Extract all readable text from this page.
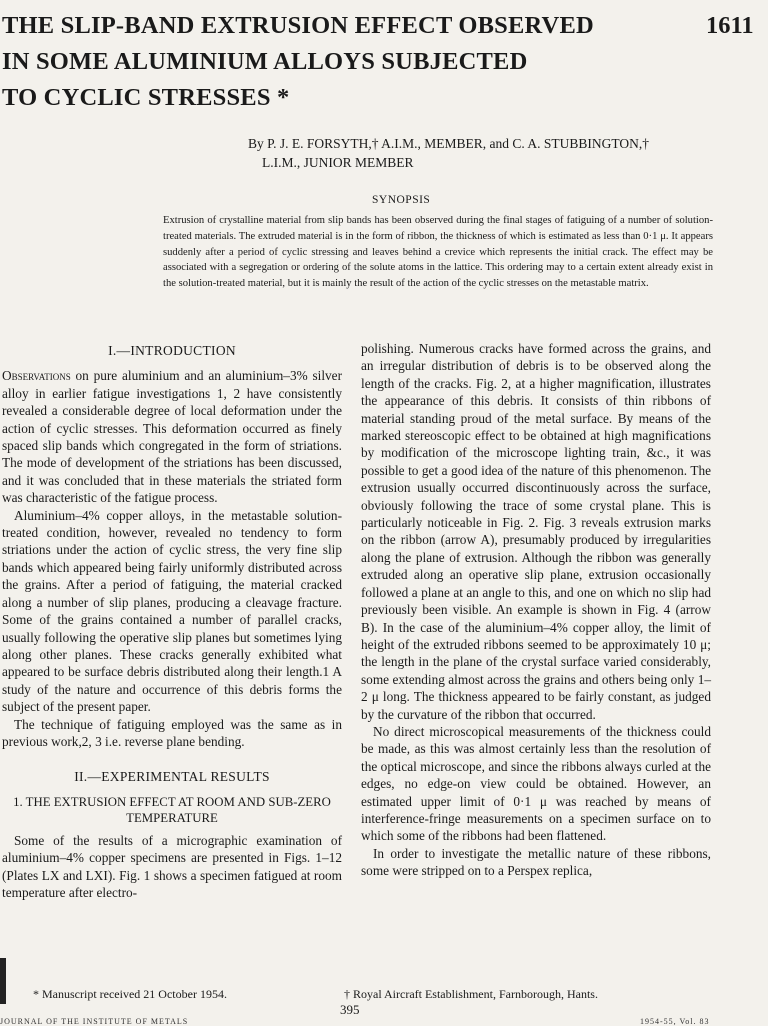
THE SLIP-BAND EXTRUSION EFFECT OBSERVED
IN SOME ALUMINIUM ALLOYS SUBJECTED
TO CYCLIC STRESSES *
1611

By P. J. E. FORSYTH,† A.I.M., MEMBER, and C. A. STUBBINGTON,†

L.I.M., JUNIOR MEMBER

SYNOPSIS

Extrusion of crystalline material from slip bands has been observed during the final stages of fatiguing of a number of solution-treated materials. The extruded material is in the form of ribbon, the thickness of which is estimated as less than 0·1 μ. It appears suddenly after a period of cyclic stressing and leaves behind a crevice which represents the initial crack. The effect may be associated with a segregation or ordering of the solute atoms in the lattice. This ordering may to a certain extent already exist in the solution-treated material, but it is mainly the result of the action of the cyclic stresses on the metastable matrix.

I.—INTRODUCTION

Observations on pure aluminium and an aluminium–3% silver alloy in earlier fatigue investigations 1, 2 have consistently revealed a considerable degree of local deformation under the action of cyclic stresses. This deformation occurred as finely spaced slip bands which congregated in the form of striations. The mode of development of the striations has been discussed, and it was concluded that in these materials the striated form was characteristic of the fatigue process.

Aluminium–4% copper alloys, in the metastable solution-treated condition, however, revealed no tendency to form striations under the action of cyclic stress, the very fine slip bands which appeared being fairly uniformly distributed across the grains. After a period of fatiguing, the material cracked along a number of slip planes, producing a cleavage fracture. Some of the grains contained a number of parallel cracks, usually following the operative slip planes but sometimes lying along other planes. These cracks generally exhibited what appeared to be surface debris distributed along their length.1 A study of the nature and occurrence of this debris forms the subject of the present paper.

The technique of fatiguing employed was the same as in previous work,2, 3 i.e. reverse plane bending.

II.—EXPERIMENTAL RESULTS

1. THE EXTRUSION EFFECT AT ROOM AND SUB-ZERO TEMPERATURE

Some of the results of a micrographic examination of aluminium–4% copper specimens are presented in Figs. 1–12 (Plates LX and LXI). Fig. 1 shows a specimen fatigued at room temperature after electro-

polishing. Numerous cracks have formed across the grains, and an irregular distribution of debris is to be observed along the length of the cracks. Fig. 2, at a higher magnification, illustrates the appearance of this debris. It consists of thin ribbons of material standing proud of the metal surface. By means of the marked stereoscopic effect to be obtained at high magnifications by modification of the microscope lighting train, &c., it was possible to get a good idea of the nature of this phenomenon. The extrusion usually occurred discontinuously across the surface, obviously following the trace of some crystal plane. This is particularly noticeable in Fig. 2. Fig. 3 reveals extrusion marks on the ribbon (arrow A), presumably produced by irregularities along the plane of extrusion. Although the ribbon was generally extruded along an operative slip plane, extrusion occasionally followed a plane at an angle to this, and one on which no slip had previously been visible. An example is shown in Fig. 4 (arrow B). In the case of the aluminium–4% copper alloy, the limit of height of the extruded ribbons seemed to be approximately 10 μ; the length in the plane of the crystal surface varied considerably, some extending almost across the grains and others being only 1–2 μ long. The thickness appeared to be fairly constant, as judged by the curvature of the ribbon that occurred.

No direct microscopical measurements of the thickness could be made, as this was almost certainly less than the resolution of the optical microscope, and since the ribbons always curled at the edges, no edge-on view could be obtained. However, an estimated upper limit of 0·1 μ was reached by means of interference-fringe measurements on a specimen surface on to which some of the ribbons had been flattened.

In order to investigate the metallic nature of these ribbons, some were stripped on to a Perspex replica,

* Manuscript received 21 October 1954.	† Royal Aircraft Establishment, Farnborough, Hants.
395
JOURNAL OF THE INSTITUTE OF METALS	1954-55, Vol. 83
